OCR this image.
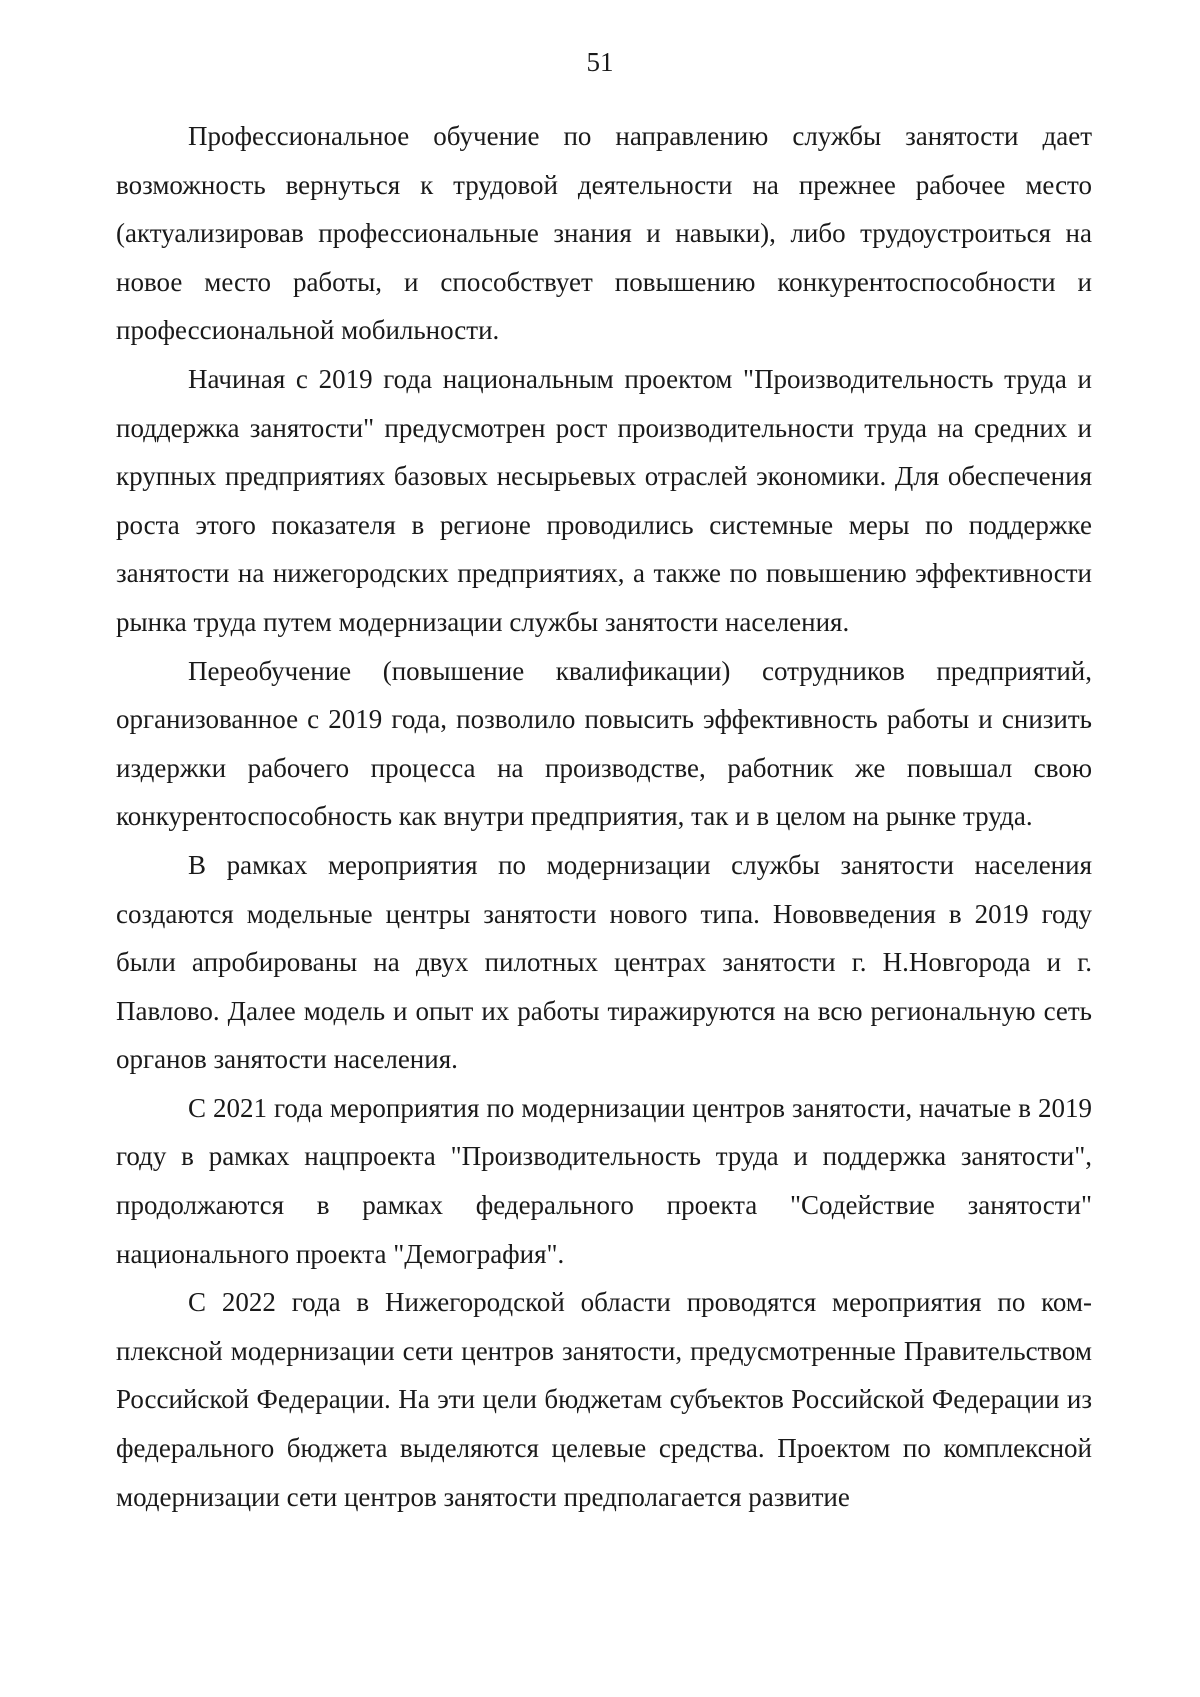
51

Профессиональное обучение по направлению службы занятости дает возможность вернуться к трудовой деятельности на прежнее рабочее место (актуализировав профессиональные знания и навыки), либо трудоустроиться на новое место работы, и способствует повышению конкурентоспособности и профессиональной мобильности.

Начиная с 2019 года национальным проектом "Производительность труда и поддержка занятости" предусмотрен рост производительности труда на средних и крупных предприятиях базовых несырьевых отраслей экономики. Для обеспечения роста этого показателя в регионе проводились системные меры по поддержке занятости на нижегородских предприятиях, а также по повышению эффективности рынка труда путем модернизации службы занятости населения.

Переобучение (повышение квалификации) сотрудников предприятий, организованное с 2019 года, позволило повысить эффективность работы и снизить издержки рабочего процесса на производстве, работник же повышал свою конкурентоспособность как внутри предприятия, так и в целом на рынке труда.

В рамках мероприятия по модернизации службы занятости населения создаются модельные центры занятости нового типа. Нововведения в 2019 году были апробированы на двух пилотных центрах занятости г. Н.Новгорода и г. Павлово. Далее модель и опыт их работы тиражируются на всю региональную сеть органов занятости населения.

С 2021 года мероприятия по модернизации центров занятости, начатые в 2019 году в рамках нацпроекта "Производительность труда и поддержка занятости", продолжаются в рамках федерального проекта "Содействие занятости" национального проекта "Демография".

С 2022 года в Нижегородской области проводятся мероприятия по комплексной модернизации сети центров занятости, предусмотренные Правительством Российской Федерации. На эти цели бюджетам субъектов Российской Федерации из федерального бюджета выделяются целевые средства. Проектом по комплексной модернизации сети центров занятости предполагается развитие
